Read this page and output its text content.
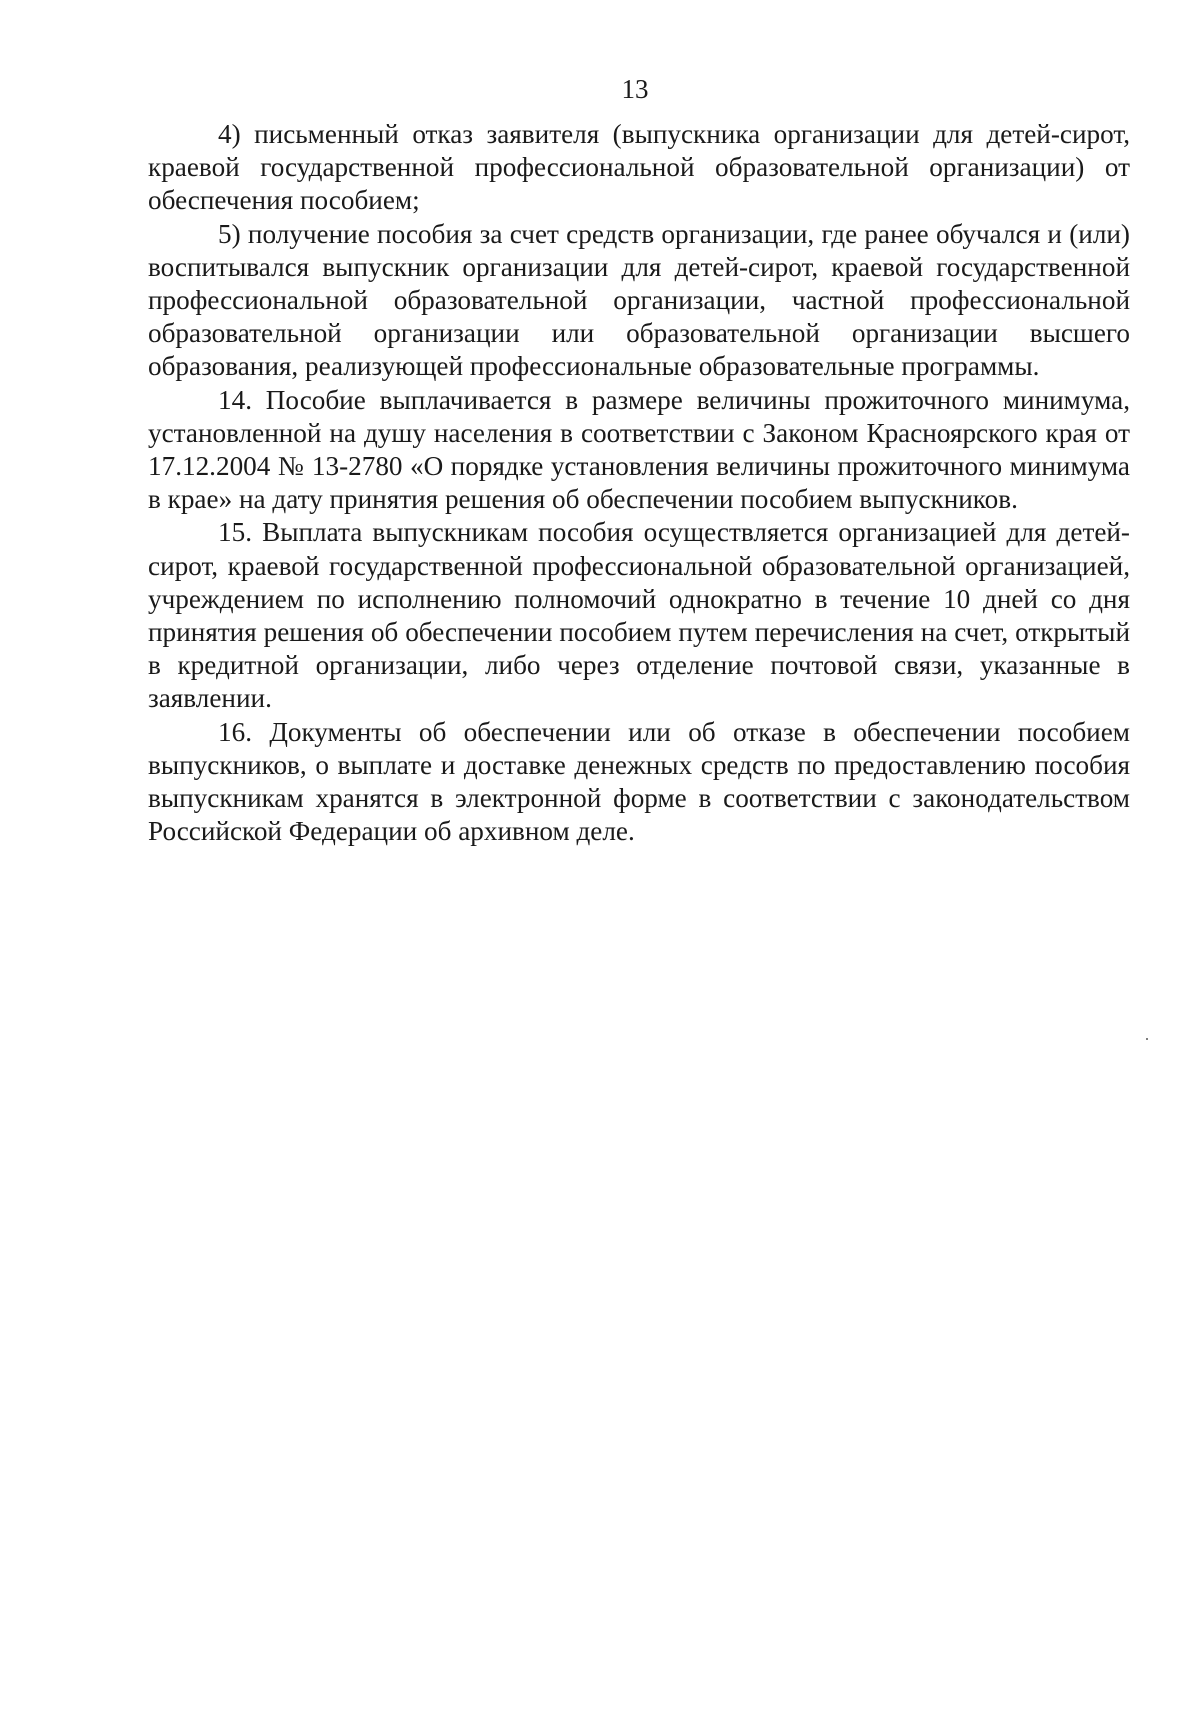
13

4) письменный отказ заявителя (выпускника организации для детей-сирот, краевой государственной профессиональной образовательной организации) от обеспечения пособием;

5) получение пособия за счет средств организации, где ранее обучался и (или) воспитывался выпускник организации для детей-сирот, краевой государственной профессиональной образовательной организации, частной профессиональной образовательной организации или образовательной организации высшего образования, реализующей профессиональные образовательные программы.

14. Пособие выплачивается в размере величины прожиточного минимума, установленной на душу населения в соответствии с Законом Красноярского края от 17.12.2004 № 13-2780 «О порядке установления величины прожиточного минимума в крае» на дату принятия решения об обеспечении пособием выпускников.

15. Выплата выпускникам пособия осуществляется организацией для детей-сирот, краевой государственной профессиональной образовательной организацией, учреждением по исполнению полномочий однократно в течение 10 дней со дня принятия решения об обеспечении пособием путем перечисления на счет, открытый в кредитной организации, либо через отделение почтовой связи, указанные в заявлении.

16. Документы об обеспечении или об отказе в обеспечении пособием выпускников, о выплате и доставке денежных средств по предоставлению пособия выпускникам хранятся в электронной форме в соответствии с законодательством Российской Федерации об архивном деле.
